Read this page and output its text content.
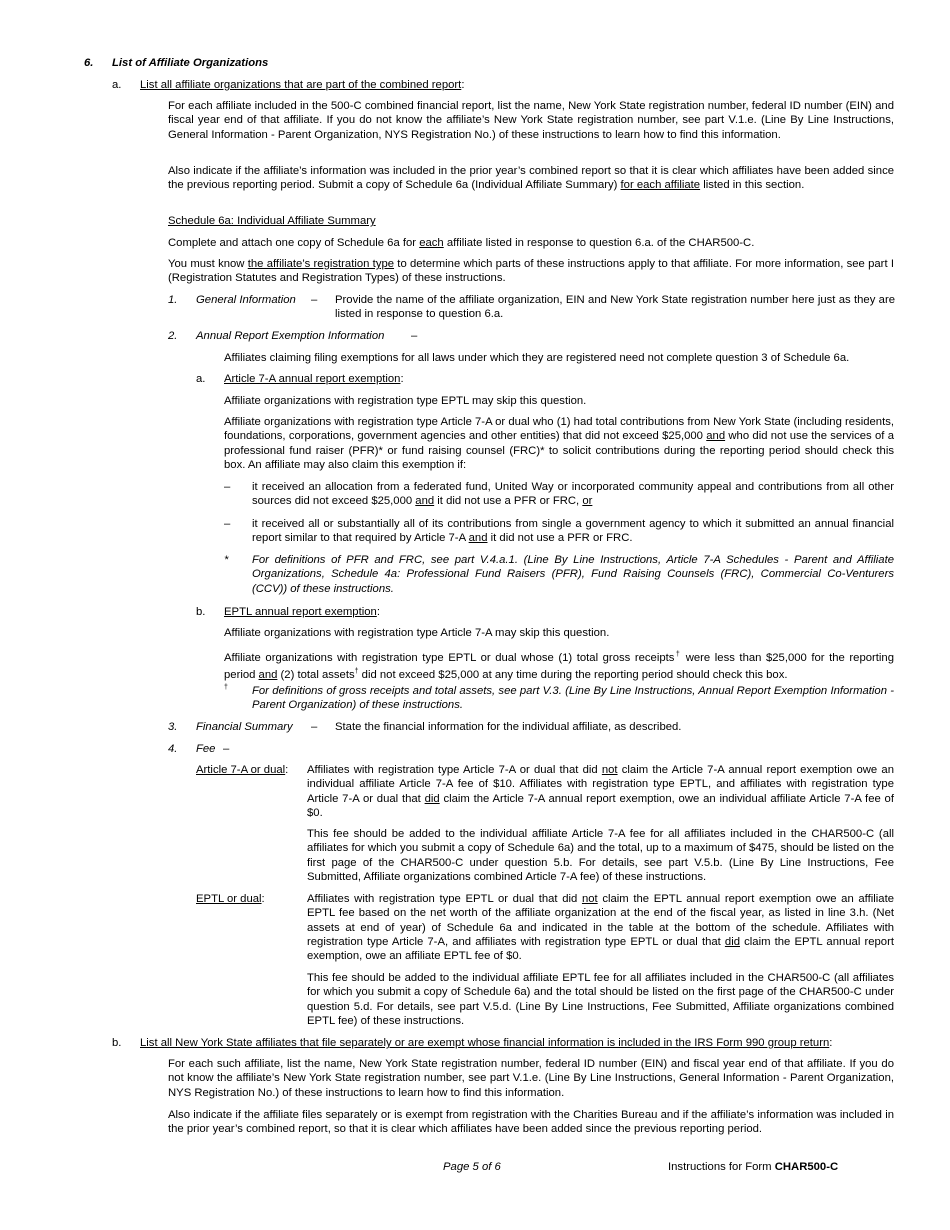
6. List of Affiliate Organizations
a. List all affiliate organizations that are part of the combined report:

For each affiliate included in the 500-C combined financial report, list the name, New York State registration number, federal ID number (EIN) and fiscal year end of that affiliate. If you do not know the affiliate’s New York State registration number, see part V.1.e. (Line By Line Instructions, General Information - Parent Organization, NYS Registration No.) of these instructions to learn how to find this information.

Also indicate if the affiliate’s information was included in the prior year’s combined report so that it is clear which affiliates have been added since the previous reporting period. Submit a copy of Schedule 6a (Individual Affiliate Summary) for each affiliate listed in this section.

Schedule 6a: Individual Affiliate Summary

Complete and attach one copy of Schedule 6a for each affiliate listed in response to question 6.a. of the CHAR500-C.

You must know the affiliate’s registration type to determine which parts of these instructions apply to that affiliate. For more information, see part I (Registration Statutes and Registration Types) of these instructions.

1. General Information – Provide the name of the affiliate organization, EIN and New York State registration number here just as they are listed in response to question 6.a.

2. Annual Report Exemption Information –

Affiliates claiming filing exemptions for all laws under which they are registered need not complete question 3 of Schedule 6a.

a. Article 7-A annual report exemption:

Affiliate organizations with registration type EPTL may skip this question.

Affiliate organizations with registration type Article 7-A or dual who (1) had total contributions from New York State (including residents, foundations, corporations, government agencies and other entities) that did not exceed $25,000 and who did not use the services of a professional fund raiser (PFR)* or fund raising counsel (FRC)* to solicit contributions during the reporting period should check this box. An affiliate may also claim this exemption if:

– it received an allocation from a federated fund, United Way or incorporated community appeal and contributions from all other sources did not exceed $25,000 and it did not use a PFR or FRC, or

– it received all or substantially all of its contributions from single a government agency to which it submitted an annual financial report similar to that required by Article 7-A and it did not use a PFR or FRC.

* For definitions of PFR and FRC, see part V.4.a.1. (Line By Line Instructions, Article 7-A Schedules - Parent and Affiliate Organizations, Schedule 4a: Professional Fund Raisers (PFR), Fund Raising Counsels (FRC), Commercial Co-Venturers (CCV)) of these instructions.

b. EPTL annual report exemption:

Affiliate organizations with registration type Article 7-A may skip this question.

Affiliate organizations with registration type EPTL or dual whose (1) total gross receipts† were less than $25,000 for the reporting period and (2) total assets† did not exceed $25,000 at any time during the reporting period should check this box.

† For definitions of gross receipts and total assets, see part V.3. (Line By Line Instructions, Annual Report Exemption Information - Parent Organization) of these instructions.

3. Financial Summary – State the financial information for the individual affiliate, as described.
4. Fee –
Article 7-A or dual: Affiliates with registration type Article 7-A or dual that did not claim the Article 7-A annual report exemption owe an individual affiliate Article 7-A fee of $10. Affiliates with registration type EPTL, and affiliates with registration type Article 7-A or dual that did claim the Article 7-A annual report exemption, owe an individual affiliate Article 7-A fee of $0.

This fee should be added to the individual affiliate Article 7-A fee for all affiliates included in the CHAR500-C (all affiliates for which you submit a copy of Schedule 6a) and the total, up to a maximum of $475, should be listed on the first page of the CHAR500-C under question 5.b. For details, see part V.5.b. (Line By Line Instructions, Fee Submitted, Affiliate organizations combined Article 7-A fee) of these instructions.

EPTL or dual:	Affiliates with registration type EPTL or dual that did not claim the EPTL annual report exemption owe an affiliate EPTL fee based on the net worth of the affiliate organization at the end of the fiscal year, as listed in line 3.h. (Net assets at end of year) of Schedule 6a and indicated in the table at the bottom of the schedule. Affiliates with registration type Article 7-A, and affiliates with registration type EPTL or dual that did claim the EPTL annual report exemption, owe an affiliate EPTL fee of $0.

This fee should be added to the individual affiliate EPTL fee for all affiliates included in the CHAR500-C (all affiliates for which you submit a copy of Schedule 6a) and the total should be listed on the first page of the CHAR500-C under question 5.d. For details, see part V.5.d. (Line By Line Instructions, Fee Submitted, Affiliate organizations combined EPTL fee) of these instructions.

b. List all New York State affiliates that file separately or are exempt whose financial information is included in the IRS Form 990 group return:

For each such affiliate, list the name, New York State registration number, federal ID number (EIN) and fiscal year end of that affiliate. If you do not know the affiliate’s New York State registration number, see part V.1.e. (Line By Line Instructions, General Information - Parent Organization, NYS Registration No.) of these instructions to learn how to find this information.

Also indicate if the affiliate files separately or is exempt from registration with the Charities Bureau and if the affiliate’s information was included in the prior year’s combined report, so that it is clear which affiliates have been added since the previous reporting period.

Page 5 of 6	Instructions for Form CHAR500-C
